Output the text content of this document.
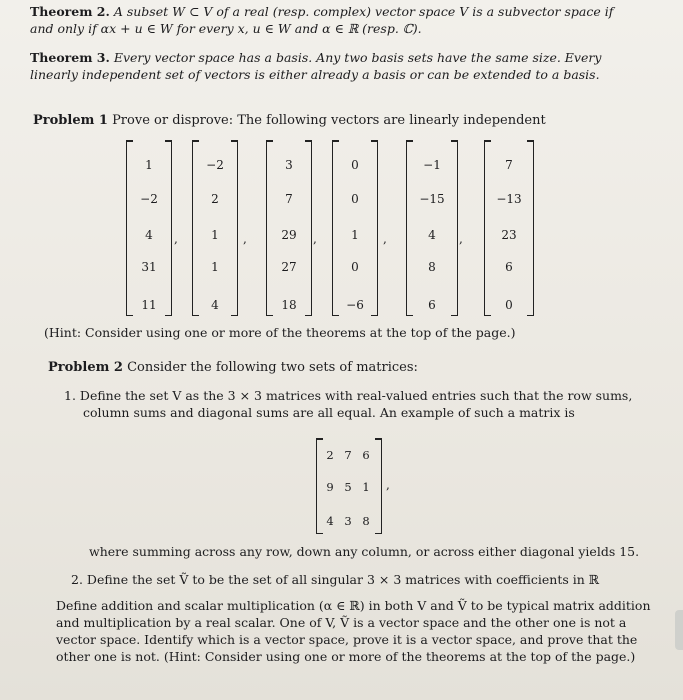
Theorem 2. A subset W ⊂ V of a real (resp. complex) vector space V is a subvector space if
and only if αx + u ∈ W for every x, u ∈ W and α ∈ ℝ (resp. ℂ).
Theorem 3. Every vector space has a basis. Any two basis sets have the same size. Every
linearly independent set of vectors is either already a basis or can be extended to a basis.
Problem 1 Prove or disprove: The following vectors are linearly independent
1
−2
4
31
11
,
−2
2
1
1
4
,
3
7
29
27
18
,
0
0
1
0
−6
,
−1
−15
4
8
6
,
7
−13
23
6
0
(Hint: Consider using one or more of the theorems at the top of the page.)
Problem 2 Consider the following two sets of matrices:
1. Define the set V as the 3 × 3 matrices with real-valued entries such that the row sums,
column sums and diagonal sums are all equal. An example of such a matrix is
2 7 6
9 5 1
4 3 8
,
where summing across any row, down any column, or across either diagonal yields 15.
2. Define the set Ṽ to be the set of all singular 3 × 3 matrices with coefficients in ℝ
Define addition and scalar multiplication (α ∈ ℝ) in both V and Ṽ to be typical matrix addition
and multiplication by a real scalar. One of V, Ṽ is a vector space and the other one is not a
vector space. Identify which is a vector space, prove it is a vector space, and prove that the
other one is not. (Hint: Consider using one or more of the theorems at the top of the page.)
